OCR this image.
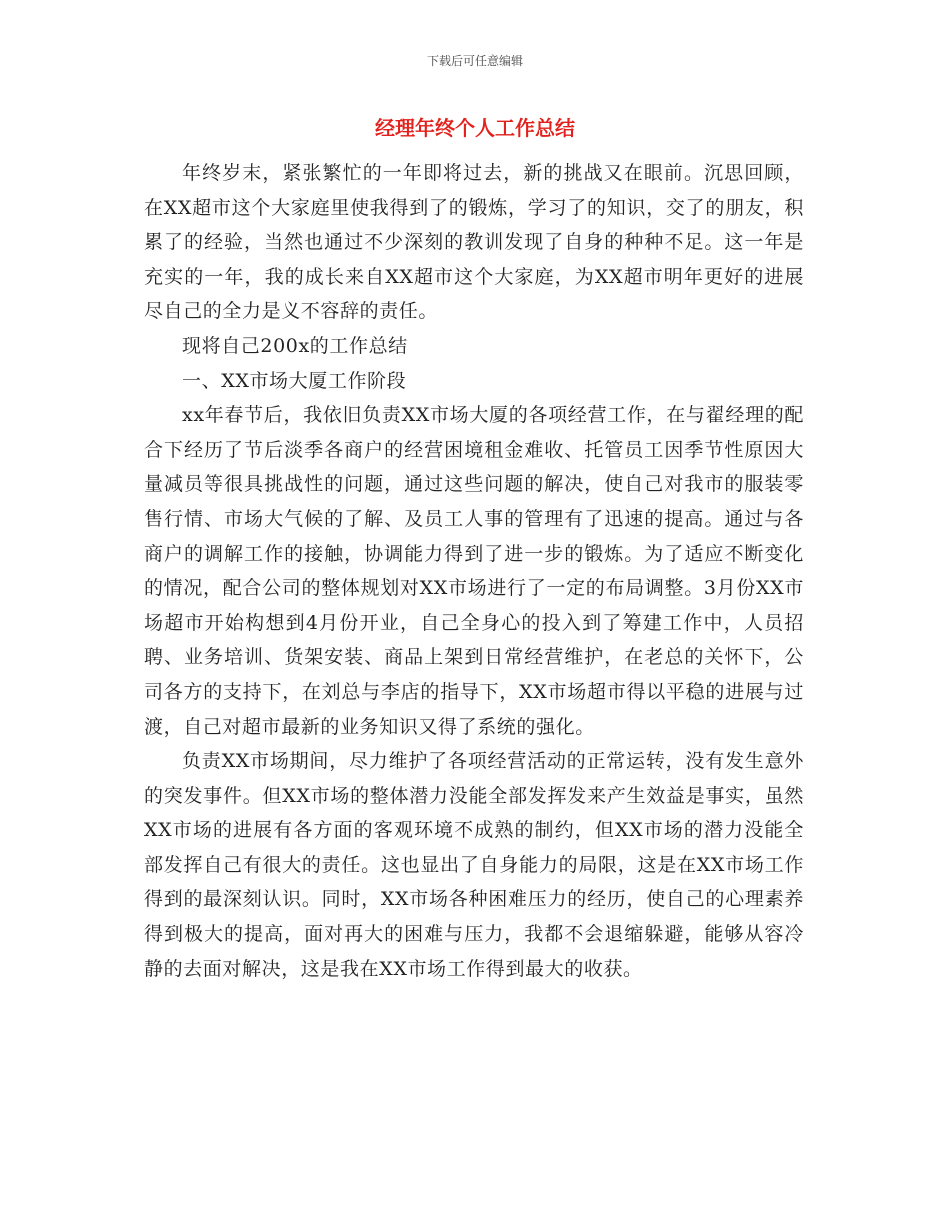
下载后可任意编辑
经理年终个人工作总结

年终岁末，紧张繁忙的一年即将过去，新的挑战又在眼前。沉思回顾，在XX超市这个大家庭里使我得到了的锻炼，学习了的知识，交了的朋友，积累了的经验，当然也通过不少深刻的教训发现了自身的种种不足。这一年是充实的一年，我的成长来自XX超市这个大家庭，为XX超市明年更好的进展尽自己的全力是义不容辞的责任。

现将自己200x的工作总结

一、XX市场大厦工作阶段

xx年春节后，我依旧负责XX市场大厦的各项经营工作，在与翟经理的配合下经历了节后淡季各商户的经营困境租金难收、托管员工因季节性原因大量减员等很具挑战性的问题，通过这些问题的解决，使自己对我市的服装零售行情、市场大气候的了解、及员工人事的管理有了迅速的提高。通过与各商户的调解工作的接触，协调能力得到了进一步的锻炼。为了适应不断变化的情况，配合公司的整体规划对XX市场进行了一定的布局调整。3月份XX市场超市开始构想到4月份开业，自己全身心的投入到了筹建工作中，人员招聘、业务培训、货架安装、商品上架到日常经营维护，在老总的关怀下，公司各方的支持下，在刘总与李店的指导下，XX市场超市得以平稳的进展与过渡，自己对超市最新的业务知识又得了系统的强化。

负责XX市场期间，尽力维护了各项经营活动的正常运转，没有发生意外的突发事件。但XX市场的整体潜力没能全部发挥发来产生效益是事实，虽然XX市场的进展有各方面的客观环境不成熟的制约，但XX市场的潜力没能全部发挥自己有很大的责任。这也显出了自身能力的局限，这是在XX市场工作得到的最深刻认识。同时，XX市场各种困难压力的经历，使自己的心理素养得到极大的提高，面对再大的困难与压力，我都不会退缩躲避，能够从容冷静的去面对解决，这是我在XX市场工作得到最大的收获。
